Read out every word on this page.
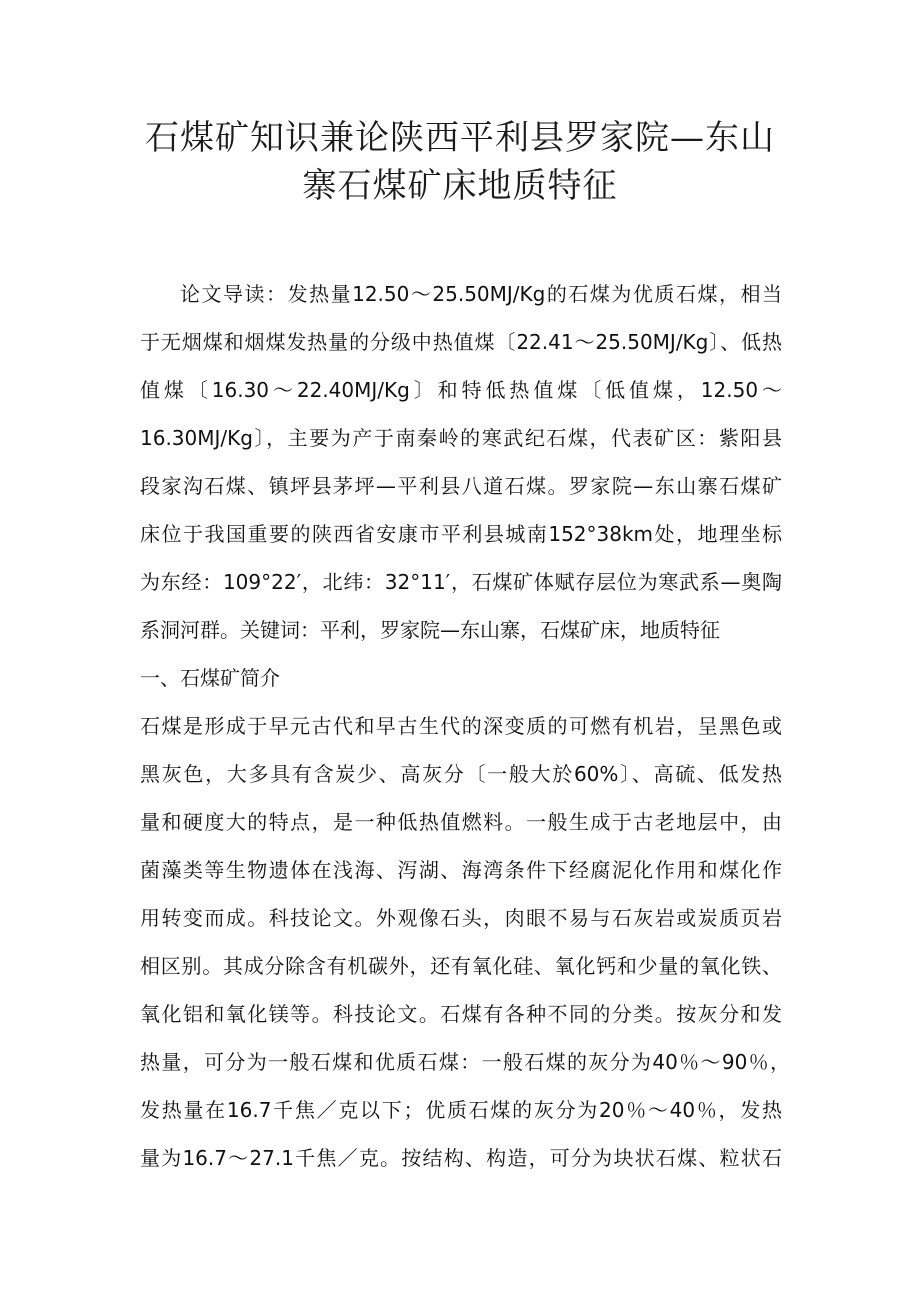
石煤矿知识兼论陕西平利县罗家院—东山
寨石煤矿床地质特征
论文导读：发热量12.50～25.50MJ/Kg的石煤为优质石煤，相当
于无烟煤和烟煤发热量的分级中热值煤〔22.41～25.50MJ/Kg〕、低热
值煤〔16.30～22.40MJ/Kg〕和特低热值煤〔低值煤，12.50～
16.30MJ/Kg〕，主要为产于南秦岭的寒武纪石煤，代表矿区：紫阳县
段家沟石煤、镇坪县茅坪—平利县八道石煤。罗家院—东山寨石煤矿
床位于我国重要的陕西省安康市平利县城南152°38km处，地理坐标
为东经：109°22′，北纬：32°11′，石煤矿体赋存层位为寒武系—奥陶
系洞河群。关键词：平利，罗家院—东山寨，石煤矿床，地质特征
一、石煤矿简介
石煤是形成于早元古代和早古生代的深变质的可燃有机岩，呈黑色或
黑灰色，大多具有含炭少、高灰分〔一般大於60%〕、高硫、低发热
量和硬度大的特点，是一种低热值燃料。一般生成于古老地层中，由
菌藻类等生物遗体在浅海、泻湖、海湾条件下经腐泥化作用和煤化作
用转变而成。科技论文。外观像石头，肉眼不易与石灰岩或炭质页岩
相区别。其成分除含有机碳外，还有氧化硅、氧化钙和少量的氧化铁、
氧化铝和氧化镁等。科技论文。石煤有各种不同的分类。按灰分和发
热量，可分为一般石煤和优质石煤：一般石煤的灰分为40％～90％，
发热量在16.7千焦／克以下；优质石煤的灰分为20％～40％，发热
量为16.7～27.1千焦／克。按结构、构造，可分为块状石煤、粒状石
